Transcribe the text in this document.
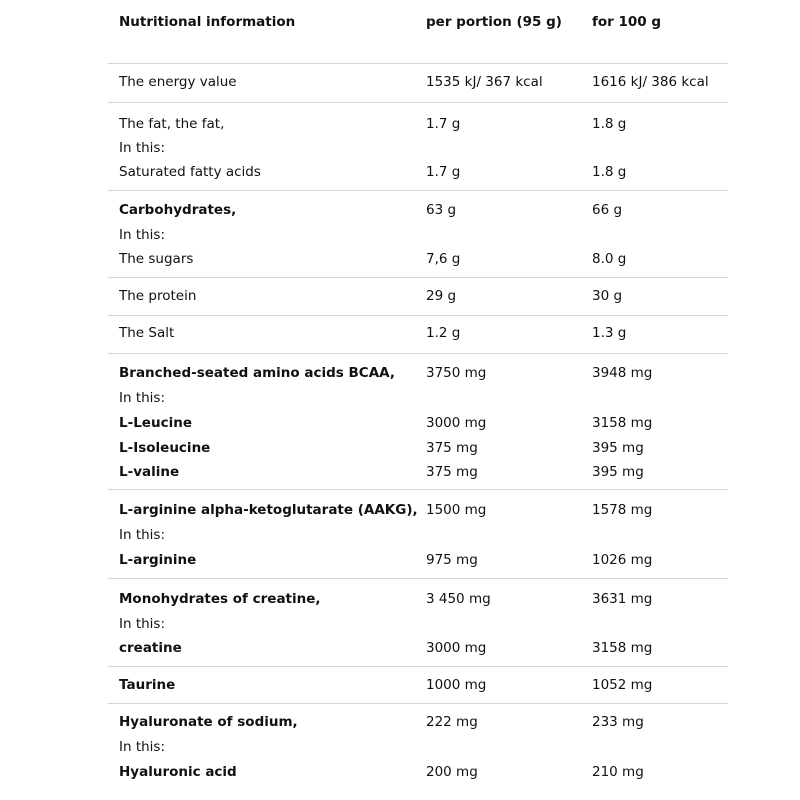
Nutritional information	per portion (95 g) for 100 g
The energy value	1535 kJ/ 367 kcal	1616 kJ/ 386 kcal
The fat, the fat,	1.7 g	1.8 g
In this:
Saturated fatty acids	1.7 g	1.8 g
Carbohydrates,	63 g	66 g
In this:
The sugars	7,6 g	8.0 g
The protein	29 g	30 g
The Salt	1.2 g	1.3 g
Branched-seated amino acids BCAA, 3750 mg	3948 mg
In this:
L-Leucine	3000 mg	3158 mg
L-Isoleucine	375 mg	395 mg
L-valine	375 mg	395 mg
L-arginine alpha-ketoglutarate (AAKG), 1500 mg	1578 mg
In this:
L-arginine	975 mg	1026 mg
Monohydrates of creatine,	3 450 mg	3631 mg
In this:
creatine	3000 mg	3158 mg
Taurine	1000 mg	1052 mg
Hyaluronate of sodium,	222 mg	233 mg
In this:
Hyaluronic acid	200 mg	210 mg
